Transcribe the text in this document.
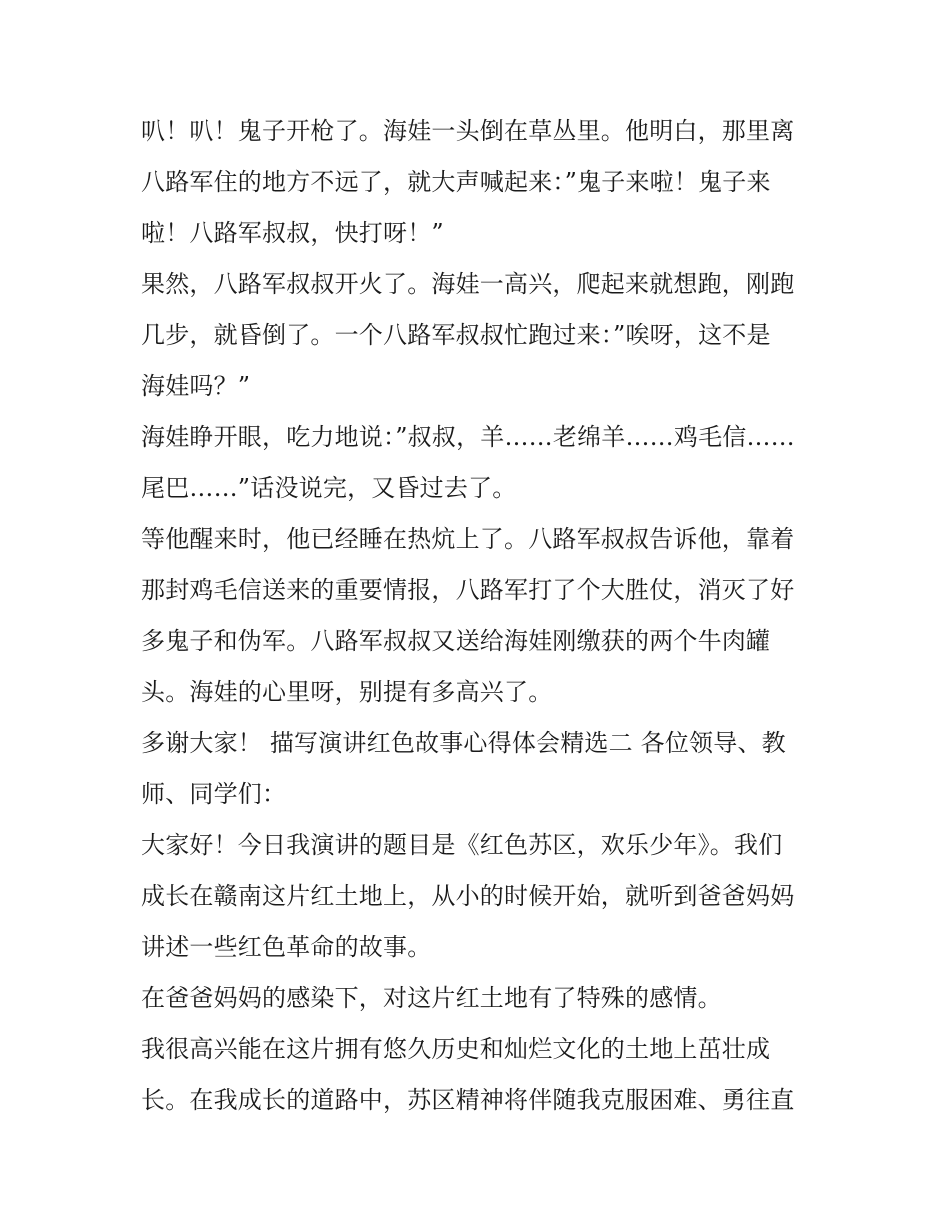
叭！叭！鬼子开枪了。海娃一头倒在草丛里。他明白，那里离
八路军住的地方不远了，就大声喊起来：”鬼子来啦！鬼子来
啦！八路军叔叔，快打呀！”
果然，八路军叔叔开火了。海娃一高兴，爬起来就想跑，刚跑
几步，就昏倒了。一个八路军叔叔忙跑过来：”唉呀，这不是
海娃吗？”
海娃睁开眼，吃力地说：”叔叔，羊……老绵羊……鸡毛信……
尾巴……”话没说完，又昏过去了。
等他醒来时，他已经睡在热炕上了。八路军叔叔告诉他，靠着
那封鸡毛信送来的重要情报，八路军打了个大胜仗，消灭了好
多鬼子和伪军。八路军叔叔又送给海娃刚缴获的两个牛肉罐
头。海娃的心里呀，别提有多高兴了。
多谢大家！ 描写演讲红色故事心得体会精选二 各位领导、教
师、同学们：
大家好！今日我演讲的题目是《红色苏区，欢乐少年》。我们
成长在赣南这片红土地上，从小的时候开始，就听到爸爸妈妈
讲述一些红色革命的故事。
在爸爸妈妈的感染下，对这片红土地有了特殊的感情。
我很高兴能在这片拥有悠久历史和灿烂文化的土地上茁壮成
长。在我成长的道路中，苏区精神将伴随我克服困难、勇往直
